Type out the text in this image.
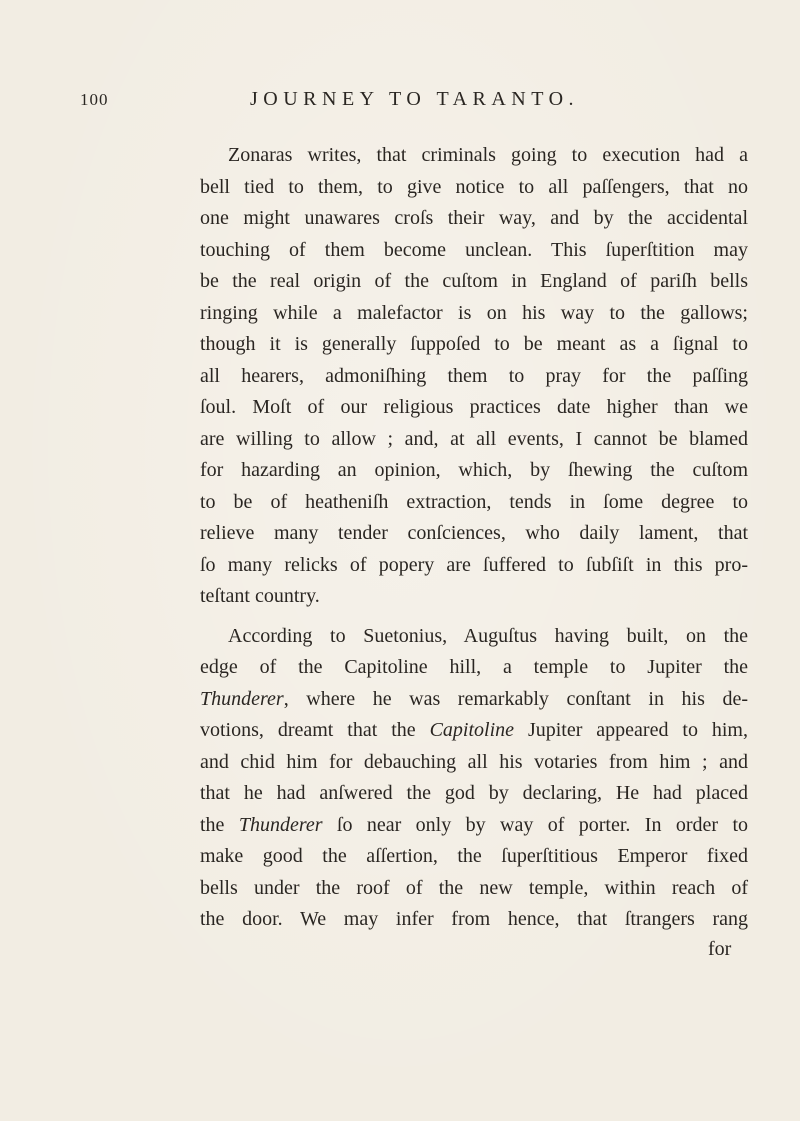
100	JOURNEY TO TARANTO.
Zonaras writes, that criminals going to execution had a
bell tied to them, to give notice to all paſſengers, that no
one might unawares croſs their way, and by the accidental
touching of them become unclean. This ſuperſtition may
be the real origin of the cuſtom in England of pariſh bells
ringing while a malefactor is on his way to the gallows;
though it is generally ſuppoſed to be meant as a ſignal to
all hearers, admoniſhing them to pray for the paſſing
ſoul. Moſt of our religious practices date higher than we
are willing to allow ; and, at all events, I cannot be blamed
for hazarding an opinion, which, by ſhewing the cuſtom
to be of heatheniſh extraction, tends in ſome degree to
relieve many tender conſciences, who daily lament, that
ſo many relicks of popery are ſuffered to ſubſiſt in this pro-
teſtant country.
According to Suetonius, Auguſtus having built, on the
edge of the Capitoline hill, a temple to Jupiter the
Thunderer, where he was remarkably conſtant in his de-
votions, dreamt that the Capitoline Jupiter appeared to him,
and chid him for debauching all his votaries from him ; and
that he had anſwered the god by declaring, He had placed
the Thunderer ſo near only by way of porter. In order to
make good the aſſertion, the ſuperſtitious Emperor fixed
bells under the roof of the new temple, within reach of
the door. We may infer from hence, that ſtrangers rang
for
